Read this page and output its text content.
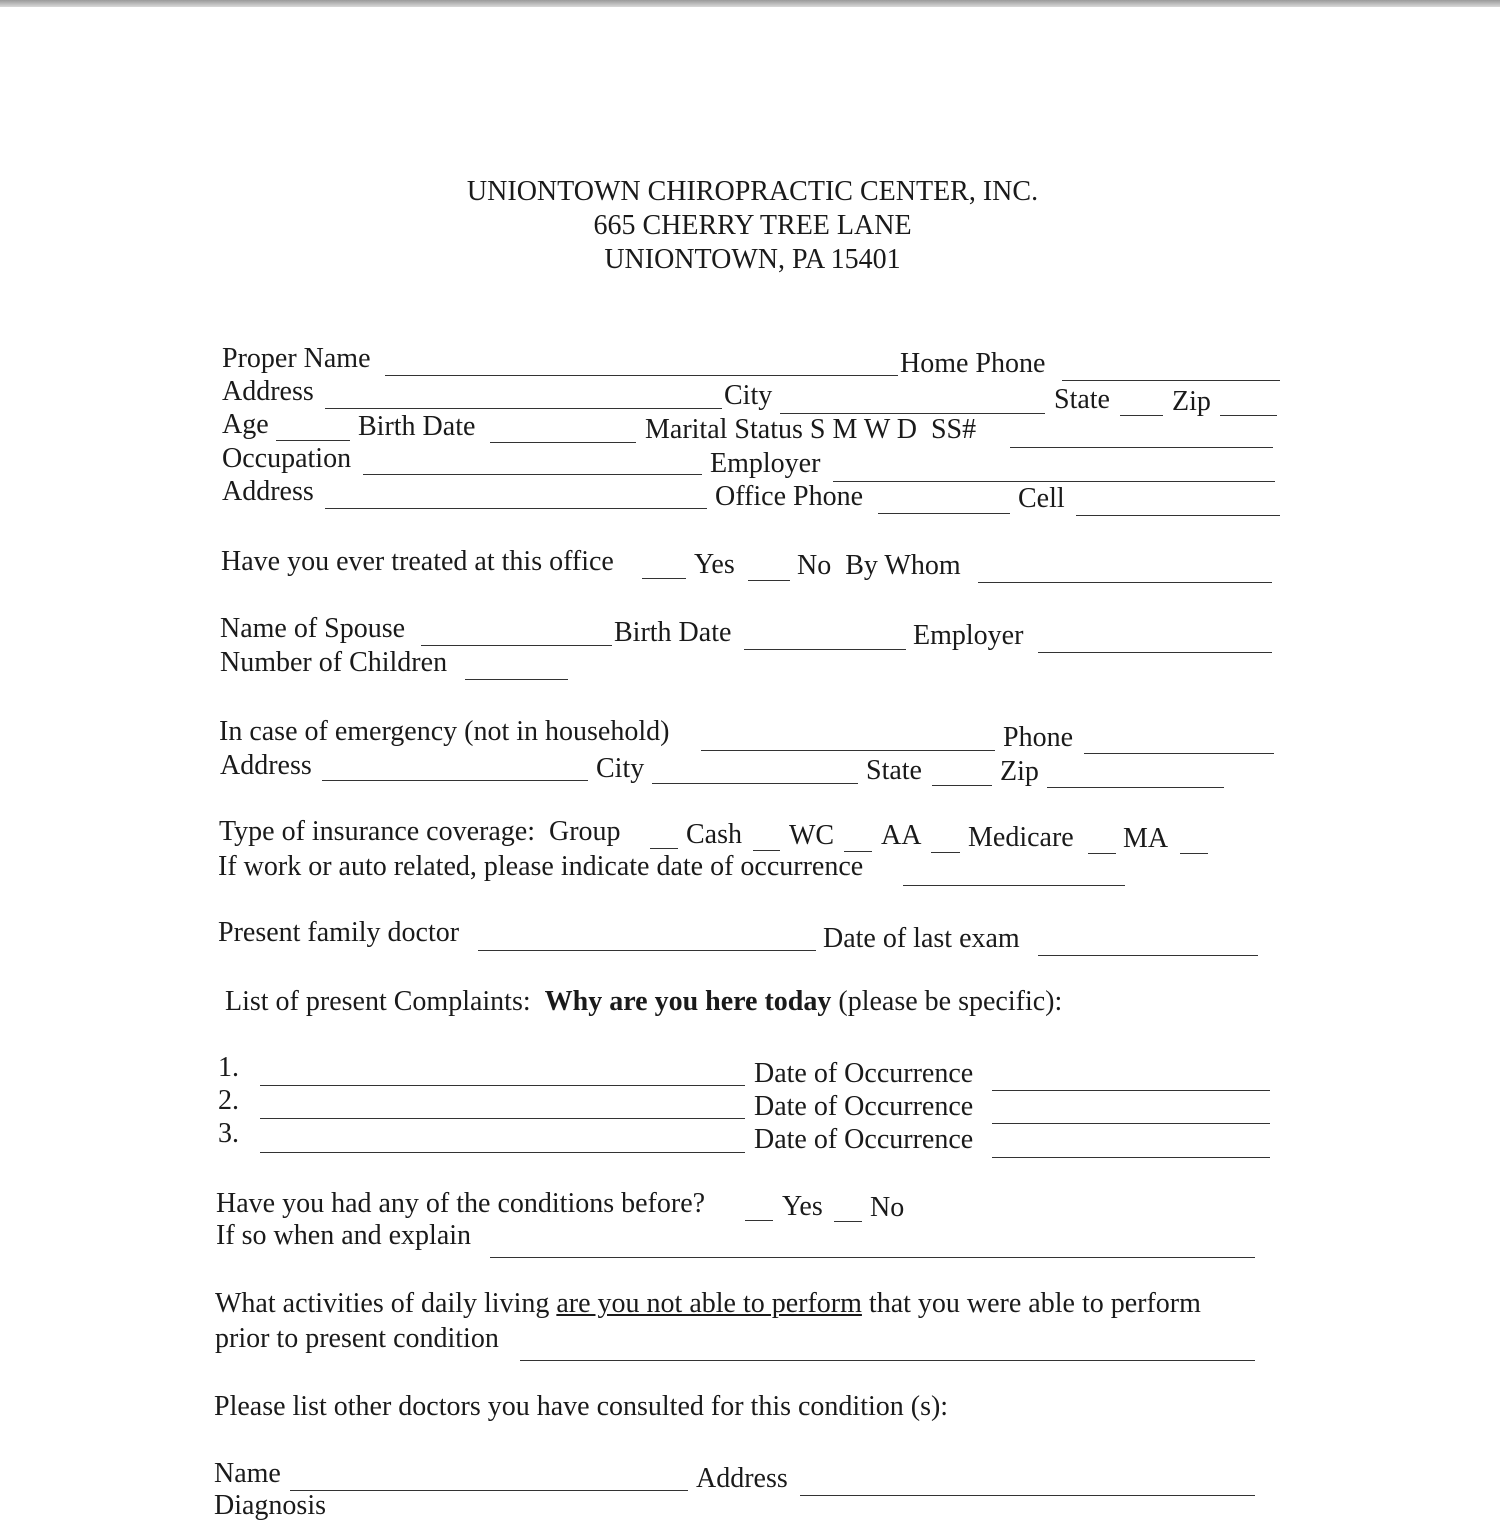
UNIONTOWN CHIROPRACTIC CENTER, INC.
665 CHERRY TREE LANE
UNIONTOWN, PA 15401
Proper Name	Home Phone
Address	City	State Zip
Age	Birth Date	Marital Status S M W D  SS#
Occupation	Employer
Address	Office Phone	Cell
Have you ever treated at this office	Yes No  By Whom
Name of Spouse	Birth Date	Employer
Number of Children
In case of emergency (not in household)	Phone
Address	City	State	Zip
Type of insurance coverage:  Group Cash WC AA Medicare MA
If work or auto related, please indicate date of occurrence
Present family doctor	Date of last exam
List of present Complaints:  Why are you here today (please be specific):
1.	Date of Occurrence
2.	Date of Occurrence
3.	Date of Occurrence
Have you had any of the conditions before?	Yes No
If so when and explain
What activities of daily living are you not able to perform that you were able to perform
prior to present condition
Please list other doctors you have consulted for this condition (s):
Name	Address
Diagnosis
